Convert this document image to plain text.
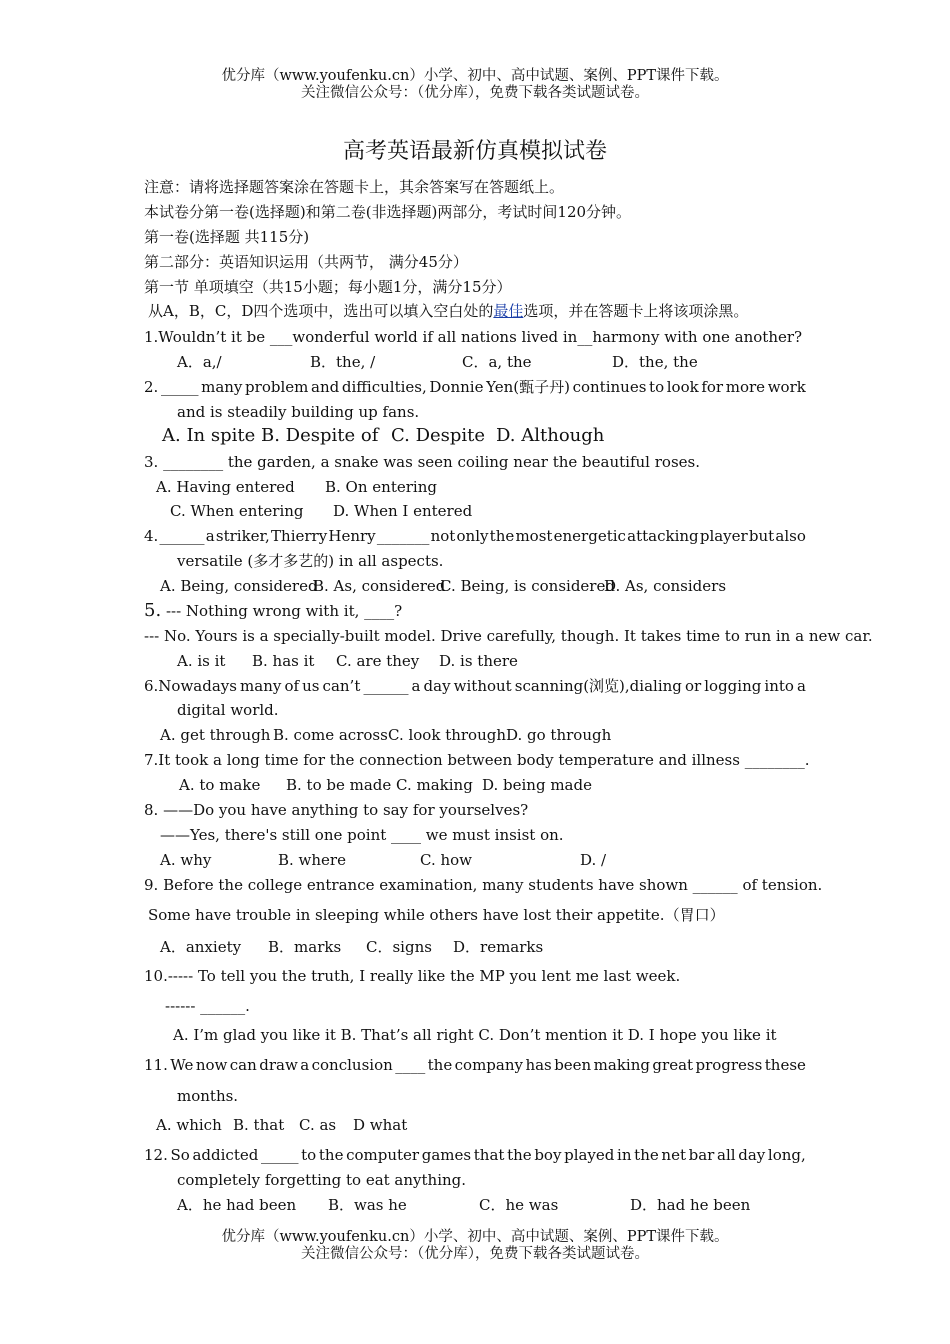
优分库（www.youfenku.cn）小学、初中、高中试题、案例、PPT课件下载。
关注微信公众号：（优分库），免费下载各类试题试卷。
高考英语最新仿真模拟试卷
注意：请将选择题答案涂在答题卡上，其余答案写在答题纸上。
本试卷分第一卷(选择题)和第二卷(非选择题)两部分，考试时间120分钟。
第一卷(选择题 共115分)
第二部分：英语知识运用（共两节， 满分45分）
第一节 单项填空（共15小题；每小题1分，满分15分）
从A，B，C，D四个选项中，选出可以填入空白处的最佳选项，并在答题卡上将该项涂黑。
1.Wouldn’t it be ___wonderful world if all nations lived in__harmony with one another?
A．a,/	B．the, /	C．a, the	D．the, the
2. _____ many problem and difficulties, Donnie Yen(甄子丹) continues to look for more work
and is steadily building up fans.
A. In spite B. Despite of C. Despite D. Although
3. ________ the garden, a snake was seen coiling near the beautiful roses.
A. Having entered B. On entering
C. When entering D. When I entered
4. ______ a striker, Thierry Henry _______ not only the most energetic attacking player but also
versatile (多才多艺的) in all aspects.
A. Being, considered
B. As, considered
C. Being, is considered
D. As, considers
5. --- Nothing wrong with it, ____?
--- No. Yours is a specially-built model. Drive carefully, though. It takes time to run in a new car.
A. is it B. has it C. are they D. is there
6.Nowadays many of us can’t ______ a day without scanning(浏览),dialing or logging into a
digital world.
A. get through B. come across C. look through D. go through
7.It took a long time for the connection between body temperature and illness ________.
A. to make B. to be made C. making D. being made
8. ——Do you have anything to say for yourselves?
——Yes, there's still one point ____ we must insist on.
A. why	B. where	C. how	D. /
9. Before the college entrance examination, many students have shown ______ of tension.
Some have trouble in sleeping while others have lost their appetite.（胃口）
A．anxiety B．marks C．signs D．remarks
10.----- To tell you the truth, I really like the MP you lent me last week.
------ ______.
A. I’m glad you like it B. That’s all right C. Don’t mention it D. I hope you like it
11. We now can draw a conclusion ____ the company has been making great progress these
months.
A. which B. that C. as D what
12. So addicted _____ to the computer games that the boy played in the net bar all day long,
completely forgetting to eat anything.
A．he had been B．was he	C．he was	D．had he been
优分库（www.youfenku.cn）小学、初中、高中试题、案例、PPT课件下载。
关注微信公众号：（优分库），免费下载各类试题试卷。
